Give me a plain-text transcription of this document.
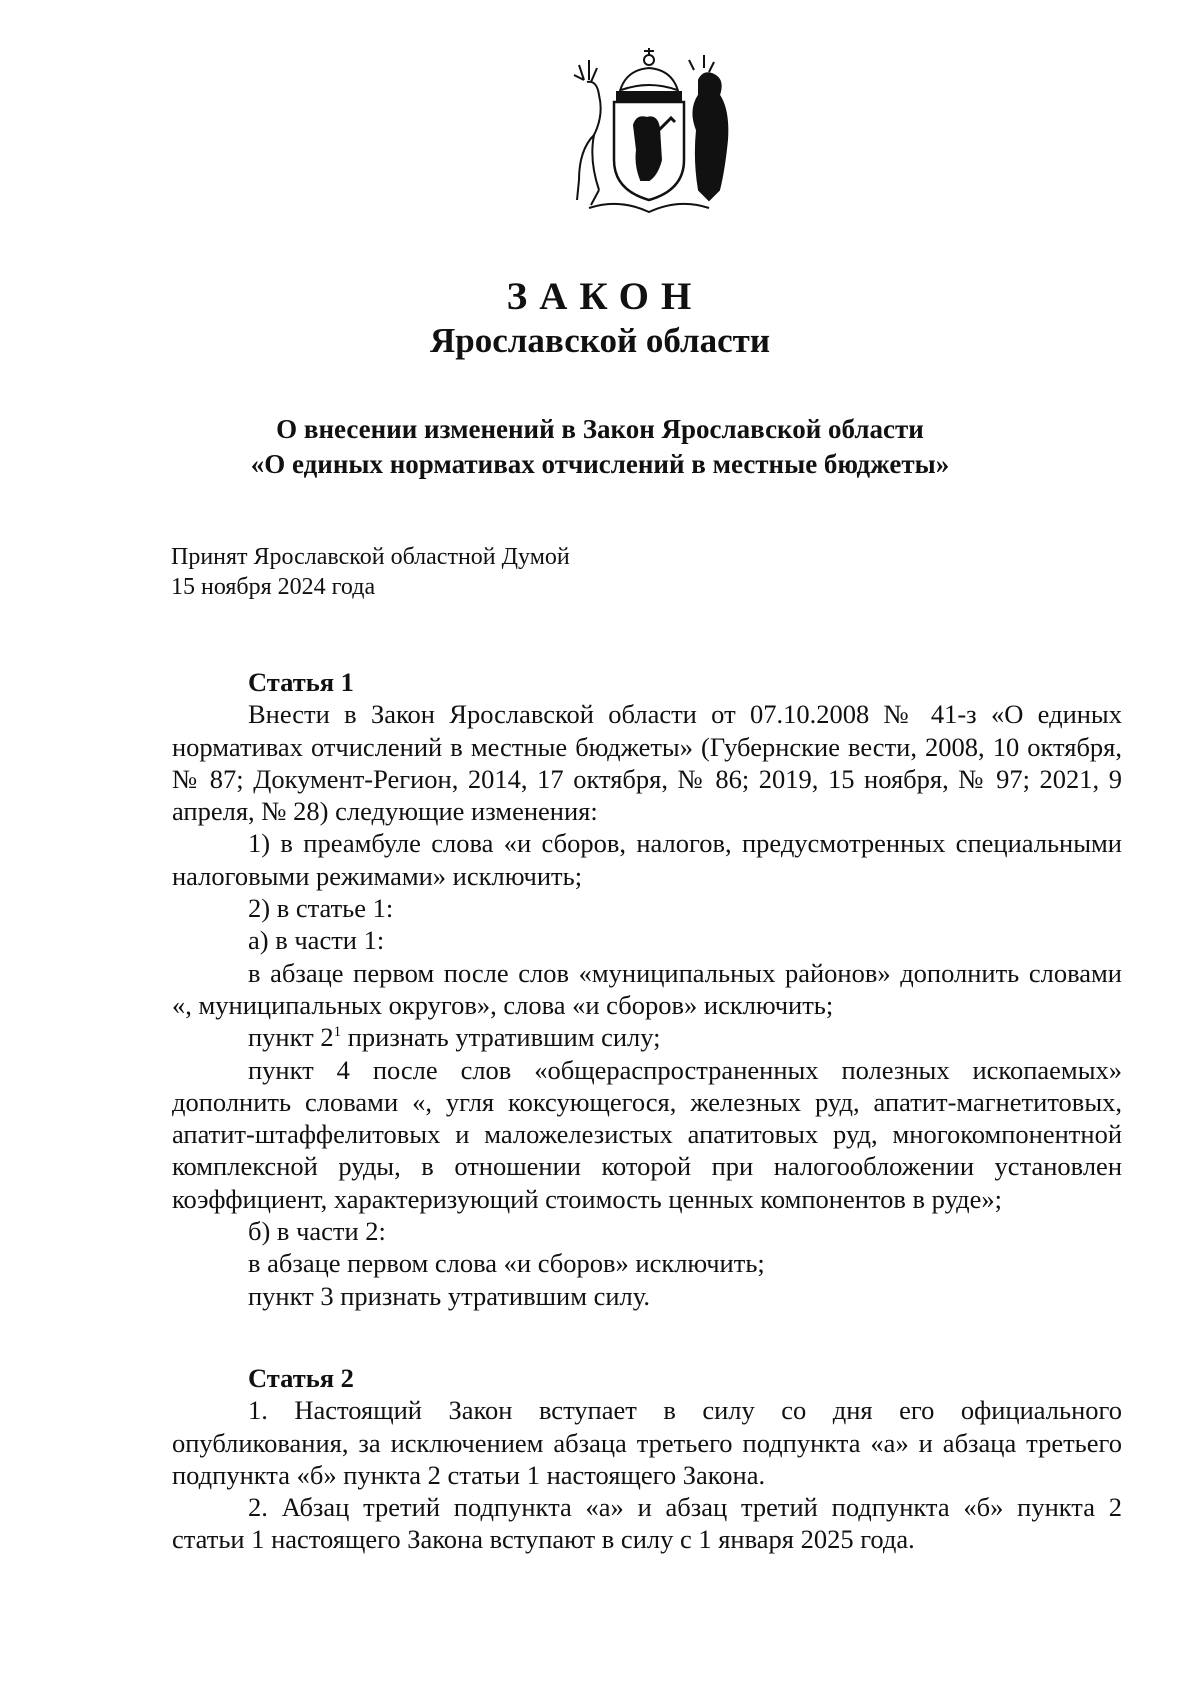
ЗАКОН
Ярославской области
О внесении изменений в Закон Ярославской области
«О единых нормативах отчислений в местные бюджеты»
Принят Ярославской областной Думой
15 ноября 2024 года
Статья 1

Внести в Закон Ярославской области от 07.10.2008 № 41-з «О единых нормативах отчислений в местные бюджеты» (Губернские вести, 2008, 10 октября, № 87; Документ-Регион, 2014, 17 октября, № 86; 2019, 15 ноября, № 97; 2021, 9 апреля, № 28) следующие изменения:

1) в преамбуле слова «и сборов, налогов, предусмотренных специальными налоговыми режимами» исключить;

2) в статье 1:

а) в части 1:

в абзаце первом после слов «муниципальных районов» дополнить словами «, муниципальных округов», слова «и сборов» исключить;

пункт $2^1$ признать утратившим силу;

пункт 4 после слов «общераспространенных полезных ископаемых» дополнить словами «, угля коксующегося, железных руд, апатит-магнетитовых, апатит-штаффелитовых и маложелезистых апатитовых руд, многокомпонентной комплексной руды, в отношении которой при налогообложении установлен коэффициент, характеризующий стоимость ценных компонентов в руде»;

б) в части 2:

в абзаце первом слова «и сборов» исключить;

пункт 3 признать утратившим силу.

Статья 2

1. Настоящий Закон вступает в силу со дня его официального опубликования, за исключением абзаца третьего подпункта «а» и абзаца третьего подпункта «б» пункта 2 статьи 1 настоящего Закона.

2. Абзац третий подпункта «а» и абзац третий подпункта «б» пункта 2 статьи 1 настоящего Закона вступают в силу с 1 января 2025 года.
